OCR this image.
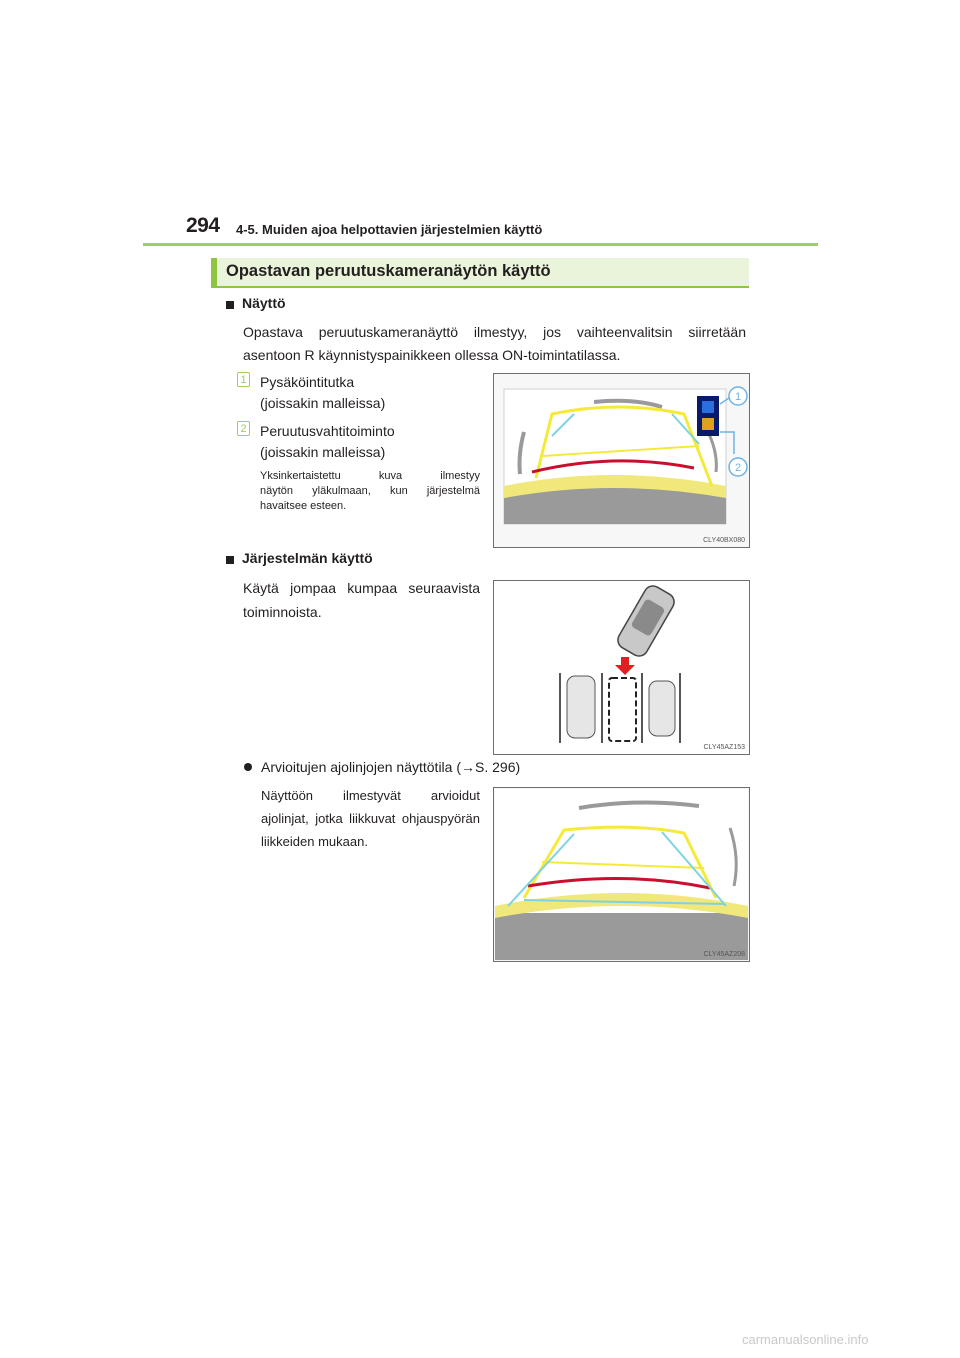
294 4-5. Muiden ajoa helpottavien järjestelmien käyttö
Opastavan peruutuskameranäytön käyttö
Näyttö
Opastava peruutuskameranäyttö ilmestyy, jos vaihteenvalitsin siirretään
asentoon R käynnistyspainikkeen ollessa ON-toimintatilassa.
1 Pysäköintitutka
(joissakin malleissa)
2 Peruutusvahtitoiminto
(joissakin malleissa)
Yksinkertaistettu kuva ilmestyy
näytön yläkulmaan, kun järjestelmä
havaitsee esteen.
1
2
CLY40BX080
Järjestelmän käyttö
Käytä jompaa kumpaa seuraavista
toiminnoista.
CLY45AZ153
Arvioitujen ajolinjojen näyttötila (→S. 296)
Näyttöön ilmestyvät arvioidut
ajolinjat, jotka liikkuvat ohjauspyörän
liikkeiden mukaan.
CLY45AZ208
carmanualsonline.info
